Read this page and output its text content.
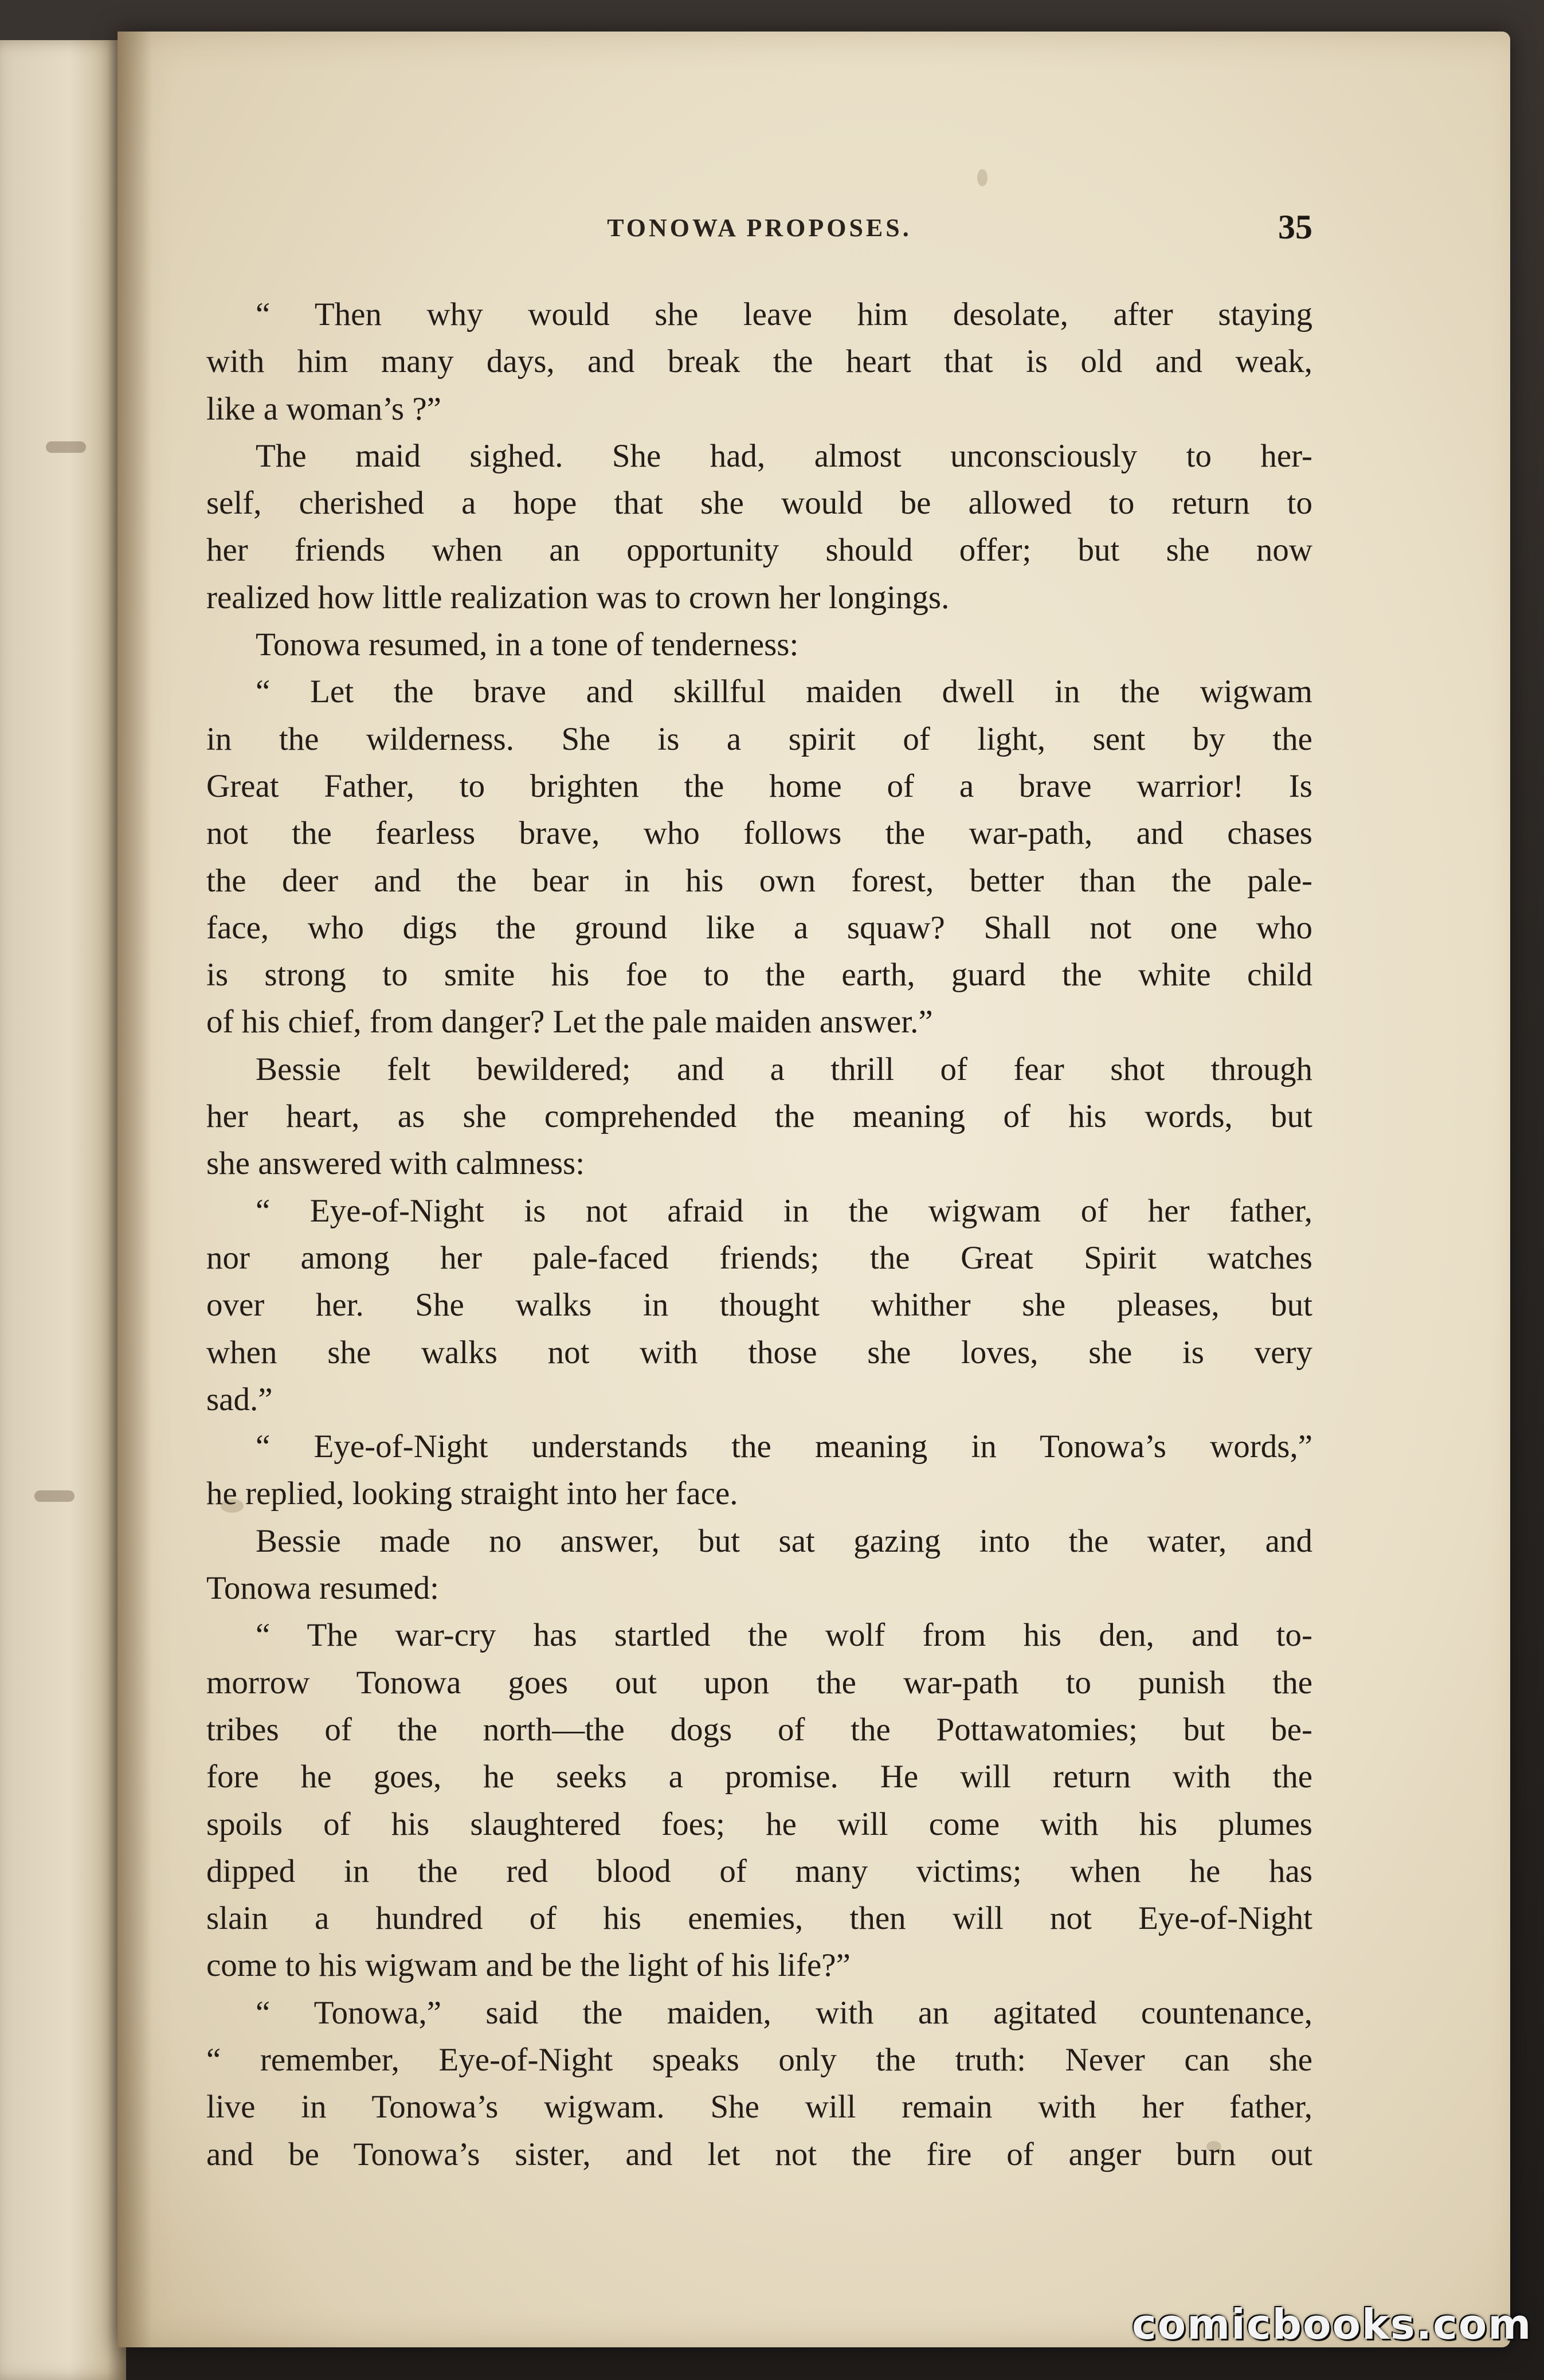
TONOWA PROPOSES.	35
“ Then why would she leave him desolate, after staying
with him many days, and break the heart that is old and weak,
like a woman’s ?”
The maid sighed. She had, almost unconsciously to her-
self, cherished a hope that she would be allowed to return to
her friends when an opportunity should offer; but she now
realized how little realization was to crown her longings.
Tonowa resumed, in a tone of tenderness:
“ Let the brave and skillful maiden dwell in the wigwam
in the wilderness. She is a spirit of light, sent by the
Great Father, to brighten the home of a brave warrior! Is
not the fearless brave, who follows the war-path, and chases
the deer and the bear in his own forest, better than the pale-
face, who digs the ground like a squaw? Shall not one who
is strong to smite his foe to the earth, guard the white child
of his chief, from danger? Let the pale maiden answer.”
Bessie felt bewildered; and a thrill of fear shot through
her heart, as she comprehended the meaning of his words, but
she answered with calmness:
“ Eye-of-Night is not afraid in the wigwam of her father,
nor among her pale-faced friends; the Great Spirit watches
over her. She walks in thought whither she pleases, but
when she walks not with those she loves, she is very
sad.”
“ Eye-of-Night understands the meaning in Tonowa’s words,”
he replied, looking straight into her face.
Bessie made no answer, but sat gazing into the water, and
Tonowa resumed:
“ The war-cry has startled the wolf from his den, and to-
morrow Tonowa goes out upon the war-path to punish the
tribes of the north—the dogs of the Pottawatomies; but be-
fore he goes, he seeks a promise. He will return with the
spoils of his slaughtered foes; he will come with his plumes
dipped in the red blood of many victims; when he has
slain a hundred of his enemies, then will not Eye-of-Night
come to his wigwam and be the light of his life?”
“ Tonowa,” said the maiden, with an agitated countenance,
“ remember, Eye-of-Night speaks only the truth: Never can she
live in Tonowa’s wigwam. She will remain with her father,
and be Tonowa’s sister, and let not the fire of anger burn out
comicbooks.com
